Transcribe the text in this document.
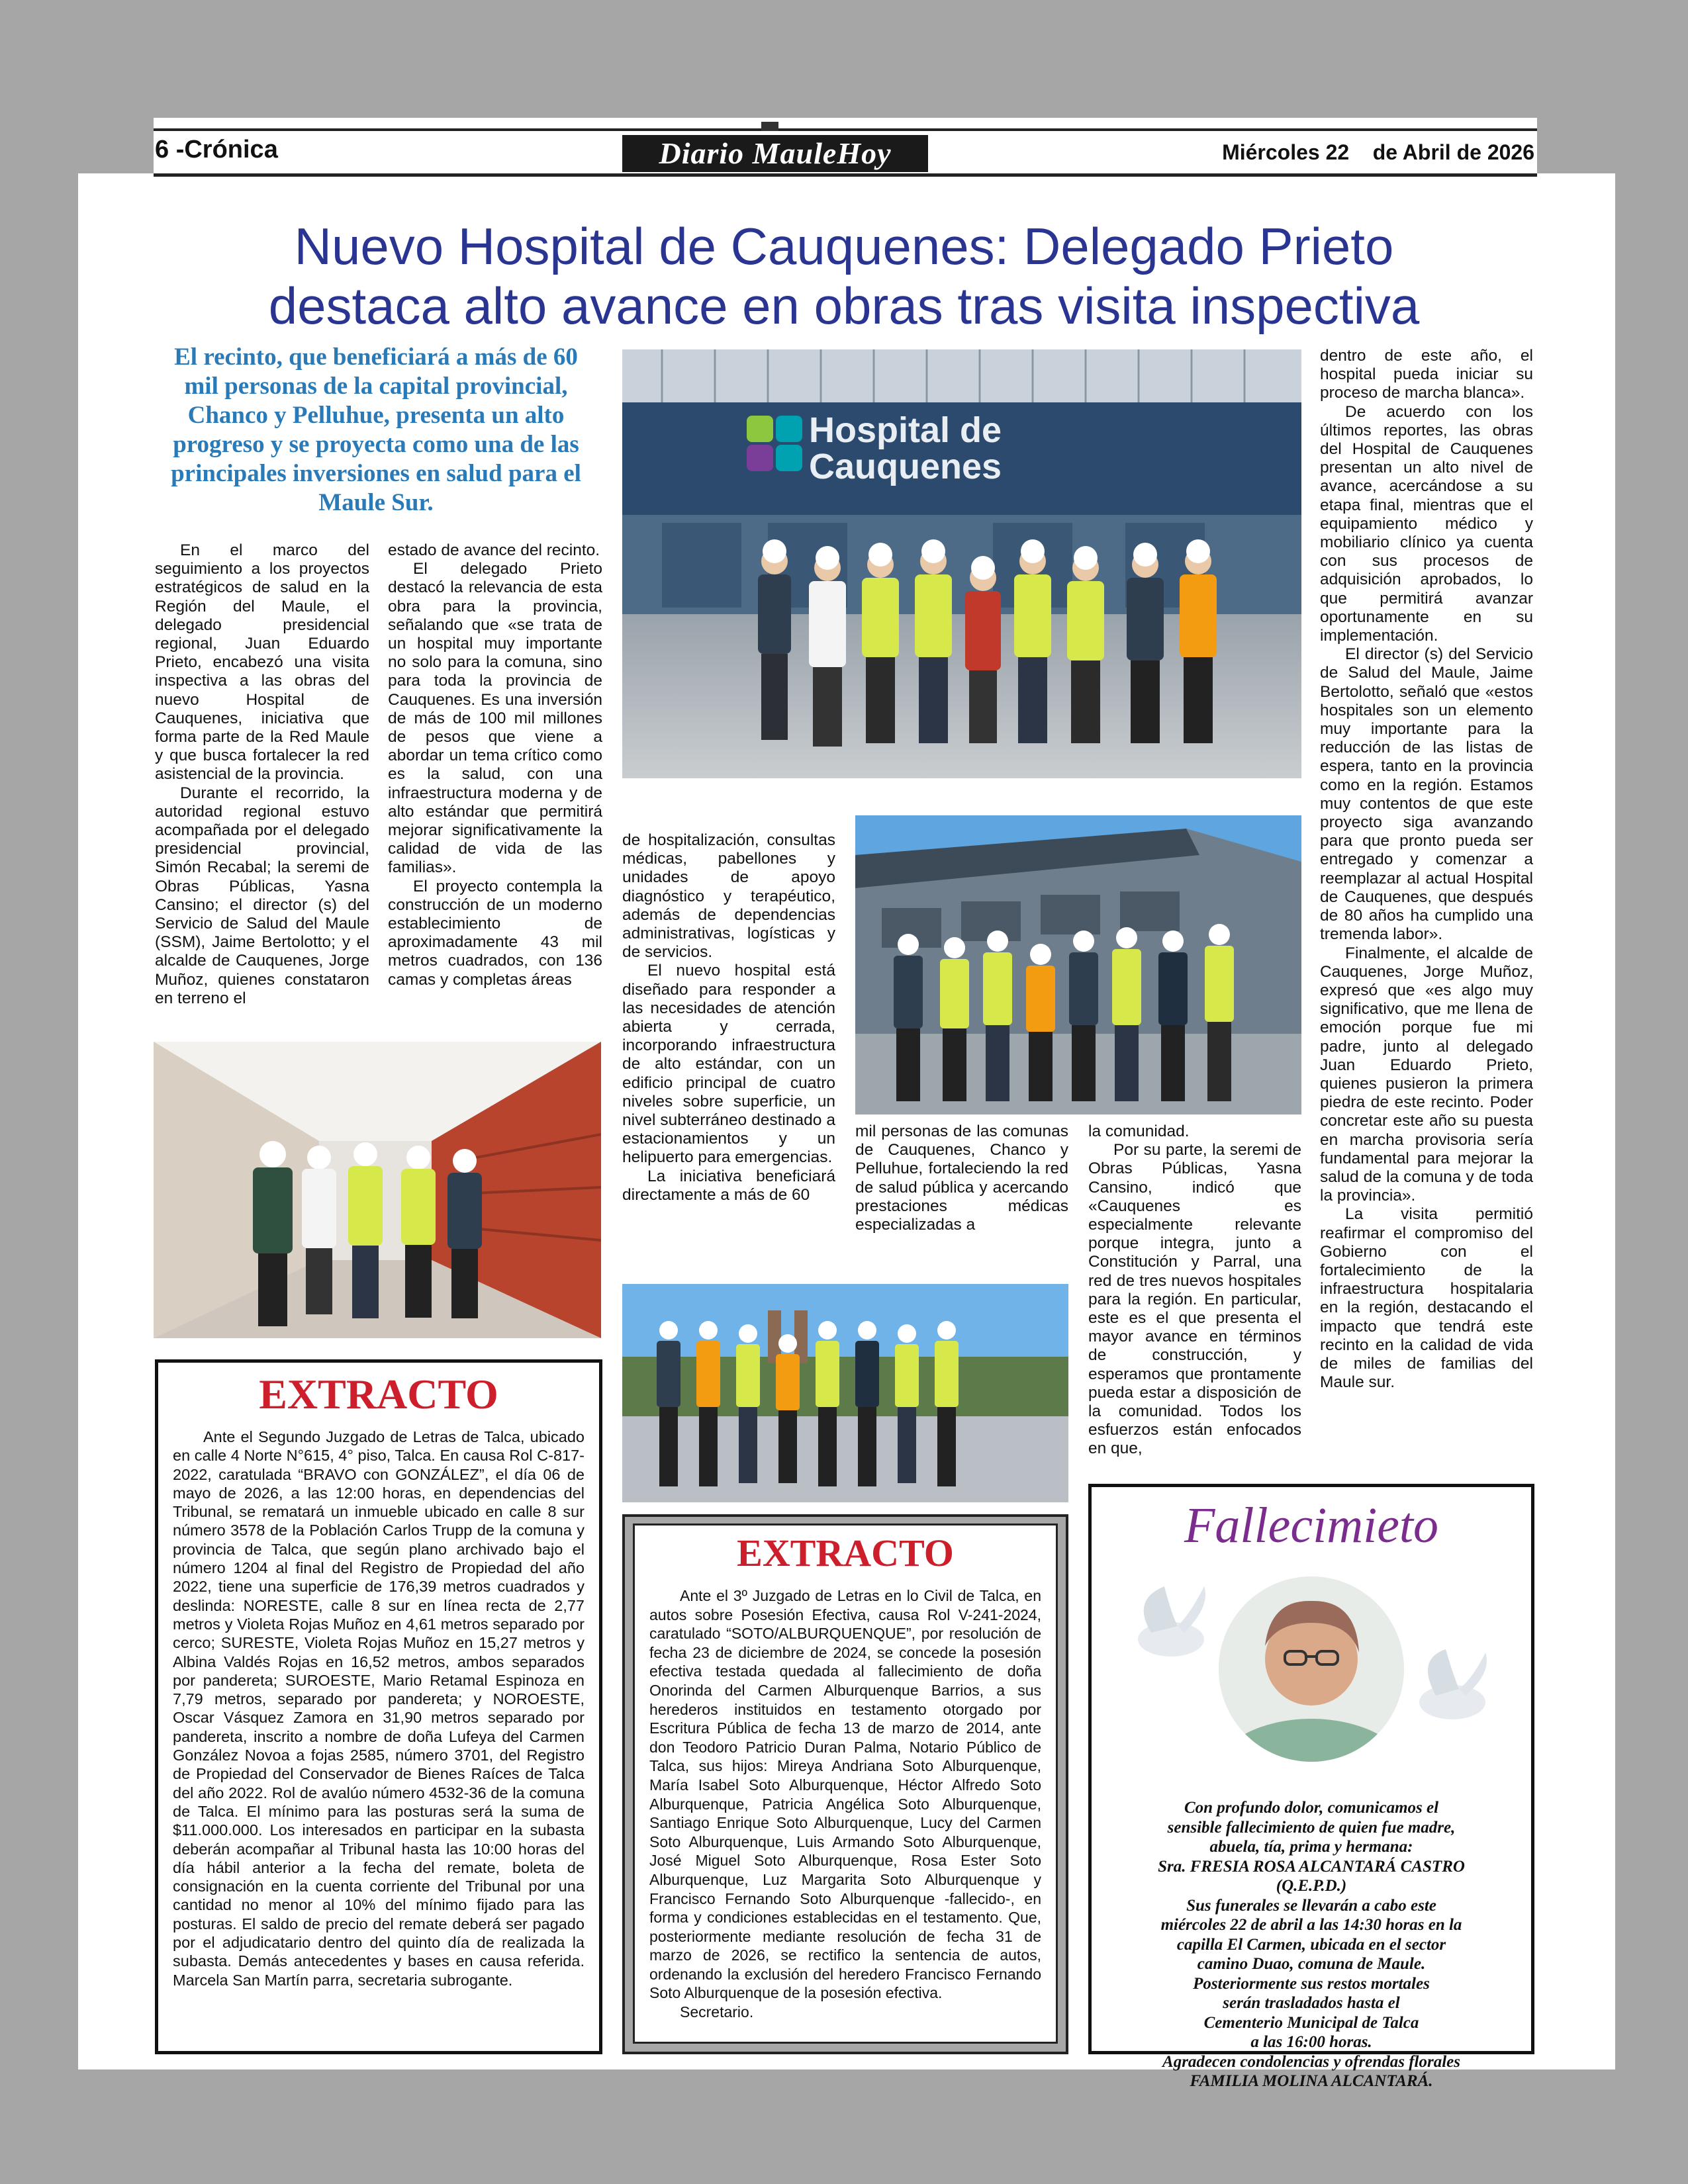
6 -Crónica	Diario MauleHoy	Miércoles 22    de Abril de 2026
Nuevo Hospital de Cauquenes: Delegado Prieto
destaca alto avance en obras tras visita inspectiva
El recinto, que beneficiará a más de 60 mil personas de la capital provincial, Chanco y Pelluhue, presenta un alto progreso y se proyecta como una de las principales inversiones en salud para el Maule Sur.

En el marco del seguimiento a los proyectos estratégicos de salud en la Región del Maule, el delegado presidencial regional, Juan Eduardo Prieto, encabezó una visita inspectiva a las obras del nuevo Hospital de Cauquenes, iniciativa que forma parte de la Red Maule y que busca fortalecer la red asistencial de la provincia.

Durante el recorrido, la autoridad regional estuvo acompañada por el delegado presidencial provincial, Simón Recabal; la seremi de Obras Públicas, Yasna Cansino; el director (s) del Servicio de Salud del Maule (SSM), Jaime Bertolotto; y el alcalde de Cauquenes, Jorge Muñoz, quienes constataron en terreno el

estado de avance del recinto.

El delegado Prieto destacó la relevancia de esta obra para la provincia, señalando que «se trata de un hospital muy importante no solo para la comuna, sino para toda la provincia de Cauquenes. Es una inversión de más de 100 mil millones de pesos que viene a abordar un tema crítico como es la salud, con una infraestructura moderna y de alto estándar que permitirá mejorar significativamente la calidad de vida de las familias».

El proyecto contempla la construcción de un moderno establecimiento de aproximadamente 43 mil metros cuadrados, con 136 camas y completas áreas

de hospitalización, consultas médicas, pabellones y unidades de apoyo diagnóstico y terapéutico, además de dependencias administrativas, logísticas y de servicios.

El nuevo hospital está diseñado para responder a las necesidades de atención abierta y cerrada, incorporando infraestructura de alto estándar, con un edificio principal de cuatro niveles sobre superficie, un nivel subterráneo destinado a estacionamientos y un helipuerto para emergencias.

La iniciativa beneficiará directamente a más de 60

mil personas de las comunas de Cauquenes, Chanco y Pelluhue, fortaleciendo la red de salud pública y acercando prestaciones médicas especializadas a

la comunidad.

Por su parte, la seremi de Obras Públicas, Yasna Cansino, indicó que «Cauquenes es especialmente relevante porque integra, junto a Constitución y Parral, una red de tres nuevos hospitales para la región. En particular, este es el que presenta el mayor avance en términos de construcción, y esperamos que prontamente pueda estar a disposición de la comunidad. Todos los esfuerzos están enfocados en que,

dentro de este año, el hospital pueda iniciar su proceso de marcha blanca».

De acuerdo con los últimos reportes, las obras del Hospital de Cauquenes presentan un alto nivel de avance, acercándose a su etapa final, mientras que el equipamiento médico y mobiliario clínico ya cuenta con sus procesos de adquisición aprobados, lo que permitirá avanzar oportunamente en su implementación.

El director (s) del Servicio de Salud del Maule, Jaime Bertolotto, señaló que «estos hospitales son un elemento muy importante para la reducción de las listas de espera, tanto en la provincia como en la región. Estamos muy contentos de que este proyecto siga avanzando para que pronto pueda ser entregado y comenzar a reemplazar al actual Hospital de Cauquenes, que después de 80 años ha cumplido una tremenda labor».

Finalmente, el alcalde de Cauquenes, Jorge Muñoz, expresó que «es algo muy significativo, que me llena de emoción porque fue mi padre, junto al delegado Juan Eduardo Prieto, quienes pusieron la primera piedra de este recinto. Poder concretar este año su puesta en marcha provisoria sería fundamental para mejorar la salud de la comuna y de toda la provincia».

La visita permitió reafirmar el compromiso del Gobierno con el fortalecimiento de la infraestructura hospitalaria en la región, destacando el impacto que tendrá este recinto en la calidad de vida de miles de familias del Maule sur.

Hospital de
Cauquenes
EXTRACTO
Ante el Segundo Juzgado de Letras de Talca, ubicado en calle 4 Norte N°615, 4° piso, Talca. En causa Rol C-817-2022, caratulada “BRAVO con GONZÁLEZ”, el día 06 de mayo de 2026, a las 12:00 horas, en dependencias del Tribunal, se rematará un inmueble ubicado en calle 8 sur número 3578 de la Población Carlos Trupp de la comuna y provincia de Talca, que según plano archivado bajo el número 1204 al final del Registro de Propiedad del año 2022, tiene una superficie de 176,39 metros cuadrados y deslinda: NORESTE, calle 8 sur en línea recta de 2,77 metros y Violeta Rojas Muñoz en 4,61 metros separado por cerco; SURESTE, Violeta Rojas Muñoz en 15,27 metros y Albina Valdés Rojas en 16,52 metros, ambos separados por pandereta; SUROESTE, Mario Retamal Espinoza en 7,79 metros, separado por pandereta; y NOROESTE, Oscar Vásquez Zamora en 31,90 metros separado por pandereta, inscrito a nombre de doña Lufeya del Carmen González Novoa a fojas 2585, número 3701, del Registro de Propiedad del Conservador de Bienes Raíces de Talca del año 2022. Rol de avalúo número 4532-36 de la comuna de Talca. El mínimo para las posturas será la suma de $11.000.000. Los interesados en participar en la subasta deberán acompañar al Tribunal hasta las 10:00 horas del día hábil anterior a la fecha del remate, boleta de consignación en la cuenta corriente del Tribunal por una cantidad no menor al 10% del mínimo fijado para las posturas. El saldo de precio del remate deberá ser pagado por el adjudicatario dentro del quinto día de realizada la subasta. Demás antecedentes y bases en causa referida. Marcela San Martín parra, secretaria subrogante.
EXTRACTO
Ante el 3º Juzgado de Letras en lo Civil de Talca, en autos sobre Posesión Efectiva, causa Rol V-241-2024, caratulado “SOTO/ALBURQUENQUE”, por resolución de fecha 23 de diciembre de 2024, se concede la posesión efectiva testada quedada al fallecimiento de doña Onorinda del Carmen Alburquenque Barrios, a sus herederos instituidos en testamento otorgado por Escritura Pública de fecha 13 de marzo de 2014, ante don Teodoro Patricio Duran Palma, Notario Público de Talca, sus hijos: Mireya Andriana Soto Alburquenque, María Isabel Soto Alburquenque, Héctor Alfredo Soto Alburquenque, Patricia Angélica Soto Alburquenque, Santiago Enrique Soto Alburquenque, Lucy del Carmen Soto Alburquenque, Luis Armando Soto Alburquenque, José Miguel Soto Alburquenque, Rosa Ester Soto Alburquenque, Luz Margarita Soto Alburquenque y Francisco Fernando Soto Alburquenque -fallecido-, en forma y condiciones establecidas en el testamento. Que, posteriormente mediante resolución de fecha 31 de marzo de 2026, se rectifico la sentencia de autos, ordenando la exclusión del heredero Francisco Fernando Soto Alburquenque de la posesión efectiva.
Secretario.
Fallecimieto
Con profundo dolor, comunicamos el
sensible fallecimiento de quien fue madre,
abuela, tía, prima y hermana:
Sra. FRESIA ROSA ALCANTARÁ CASTRO
(Q.E.P.D.)
Sus funerales se llevarán a cabo este
miércoles 22 de abril a las 14:30 horas en la
capilla El Carmen, ubicada en el sector
camino Duao, comuna de Maule.
Posteriormente sus restos mortales
serán trasladados hasta el
Cementerio Municipal de Talca
a las 16:00 horas.
Agradecen condolencias y ofrendas florales
FAMILIA MOLINA ALCANTARÁ.
